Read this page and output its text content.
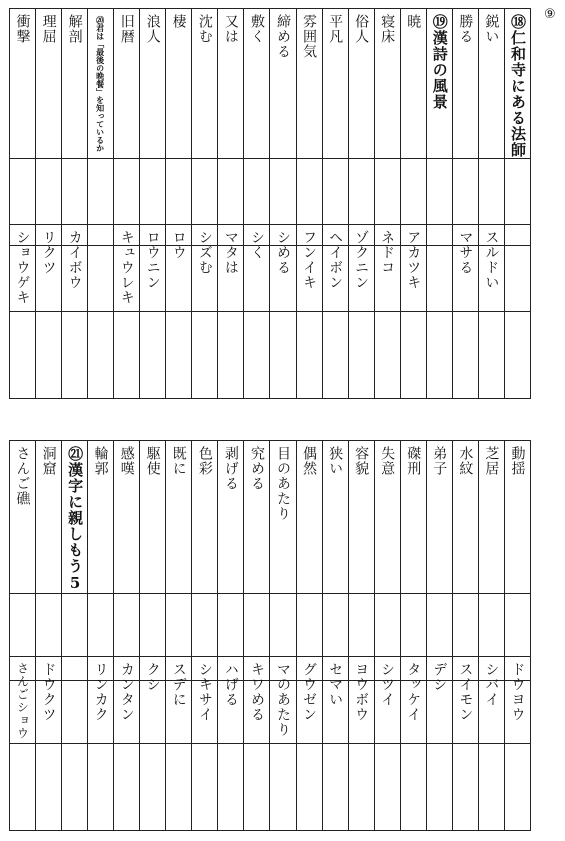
⑨
衝撃	理屈	解剖	⑳君は「最後の晩餐」を知っているか	旧暦	浪人	棲	沈む	又は	敷く	締める	雰囲気	平凡	俗人	寝床	暁	⑲漢詩の風景	勝る	鋭い	⑱仁和寺にある法師

ショウゲキ	リクツ	カイボウ		キュウレキ	ロウニン	ロウ	シズむ	マタは	シく	シめる	フンイキ	ヘイボン	ゾクニン	ネドコ	アカツキ		マサる	スルドい	

さんご礁	洞窟	㉑漢字に親しもう5	輪郭	感嘆	駆使	既に	色彩	剥げる	究める	目のあたり	偶然	狭い	容貌	失意	磔刑	弟子	水紋	芝居	動揺

さんごショウ	ドウクツ		リンカク	カンタン	クシ	スデに	シキサイ	ハげる	キワめる	マのあたり	グウゼン	セマい	ヨウボウ	シツイ	タッケイ	デシ	スイモン	シバイ	ドウヨウ
